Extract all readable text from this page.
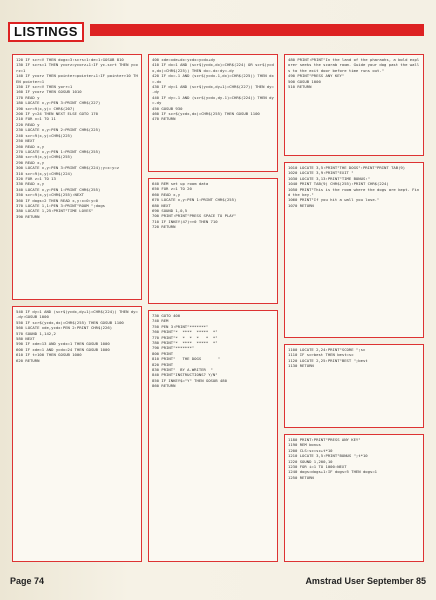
LISTINGS
120 IF scr=V THEN dogx=3:scrs=1:de=1:GOSUB 810
130 IF scrs=1 THEN ycorz=ycorz+1:IF yc-scrt THEN ycorz=1
140 IF ycorz THEN pointer=pointer+1:IF pointer>10 THEN pointer=1
150 IF scr=V THEN yorr=1
160 IF ycorz THEN GOSUB 1010
170 READ y
180 LOCATE x,y:PEN 3:PRINT CHR$(227)
190 scr=9(x,y)= CHR$(207)
200 IF y=24 THEN NEXT ELSE GOTO 170
210 FOR x=1 TO 11
220 READ y
230 LOCATE x,y:PEN 2:PRINT CHR$(225)
240 scr=9(x,y)=CHR$(225)
250 NEXT
260 READ x,y
270 LOCATE x,y:PEN 1:PRINT CHR$(255)
280 scr=9(x,y)=CHR$(255)
290 READ x,y
300 LOCATE x,y:PEN 3:PRINT CHR$(224);y=x:y=z
310 scr=9(x,y)=CHR$(224)
320 FOR z=1 TO 13
330 READ x,y
340 LOCATE x,y:PEN 1:PRINT CHR$(255)
350 scr=9(x,y)=CHR$(255):NEXT
360 IF dogs=2 THEN READ x,y:x=0:y=0
370 LOCATE 1,1:PEN 3:PRINT"ROOM ";dogs
380 LOCATE 1,25:PRINT"TIME LOVES"
390 RETURN
540 IF dy=1 AND (scr$(ycdx,dy+1)=CHR$(224)) THEN dy=-dy:GOSUB 1000
550 IF scr$(ycdx,dx)=CHR$(255) THEN GOSUB 1100
560 LOCATE xde,ycdx:PEN 2:PRINT CHR$(226)
570 SOUND 1,142,2
580 NEXT
590 IF xde=13 AND ycdx=1 THEN GOSUB 1000
600 IF xde=1 AND ycdx=24 THEN GOSUB 1000
610 IF t>100 THEN GOSUB 1000
620 RETURN
400 xde=xde+dx:ycdx=ycdx+dy
410 IF dx=1 AND (scr$(ycdx,dx)=CHR$(224) OR scr$(ycdx,dx)=CHR$(225)) THEN dx=-dx:dy=-dy
420 IF dx=-1 AND (scr$(ycdx-1,dx)=CHR$(225)) THEN dx=-dx
430 IF dy=1 AND (scr$(ycdx,dy+1)=CHR$(227)) THEN dy=-dy
440 IF dy=-1 AND (scr$(ycdx,dy-1)=CHR$(224)) THEN dy=-dy
450 GOSUB 930
460 IF scr$(ycdx,dx)=CHR$(255) THEN GOSUB 1100
470 RETURN
640 REM set up room data
650 FOR z=1 TO 20
660 READ x,y
670 LOCATE x,y:PEN 1:PRINT CHR$(255)
680 NEXT
690 SOUND 1,0,5
700 PRINT:PRINT"PRESS SPACE TO PLAY"
710 IF INKEY(47)<>0 THEN 710
720 RETURN
730 GOTO 400
740 REM
750 PEN 3:PRINT"*******"
760 PRINT"*  ****  *****  *"
770 PRINT"*  *  *  *   *  *"
780 PRINT"*  ****  *****  *"
790 PRINT"*******"
800 PRINT
810 PRINT"   THE DOGS       "
820 PRINT
830 PRINT"  BY A.WRITER  "
840 PRINT"INSTRUCTIONS? Y/N"
850 IF INKEY$="Y" THEN GOSUB 480
860 RETURN
480 PRINT:PRINT"In the land of the pharaohs, a bold explorer seeks the scarab room. Guide your dog past the walls to the exit door before time runs out."
490 PRINT"PRESS ANY KEY"
500 GOSUB 1000
510 RETURN
1010 LOCATE 3,5:PRINT"THE DOGS":PRINT"PRINT TAB(9)
1020 LOCATE 3,9:PRINT"EXIT "
1030 LOCATE 3,13:PRINT"TIME BONUS:"
1040 PRINT TAB(9) CHR$(255):PRINT CHR$(224)
1050 PRINT"This is the room where the dogs are kept. Find the key."
1060 PRINT"If you hit a wall you lose."
1070 RETURN
1100 LOCATE 2,24:PRINT"SCORE ";sc
1110 IF sc>best THEN best=sc
1120 LOCATE 2,25:PRINT"BEST ";best
1130 RETURN
1180 PRINT:PRINT"PRESS ANY KEY"
1190 REM bonus
1200 CLS:sc=sc+t*10
1210 LOCATE 3,5:PRINT"BONUS ";t*10
1220 SOUND 1,200,10
1230 FOR i=1 TO 1000:NEXT
1240 dogs=dogs+1:IF dogs>5 THEN dogs=1
1250 RETURN
Page 74	Amstrad User September 85
